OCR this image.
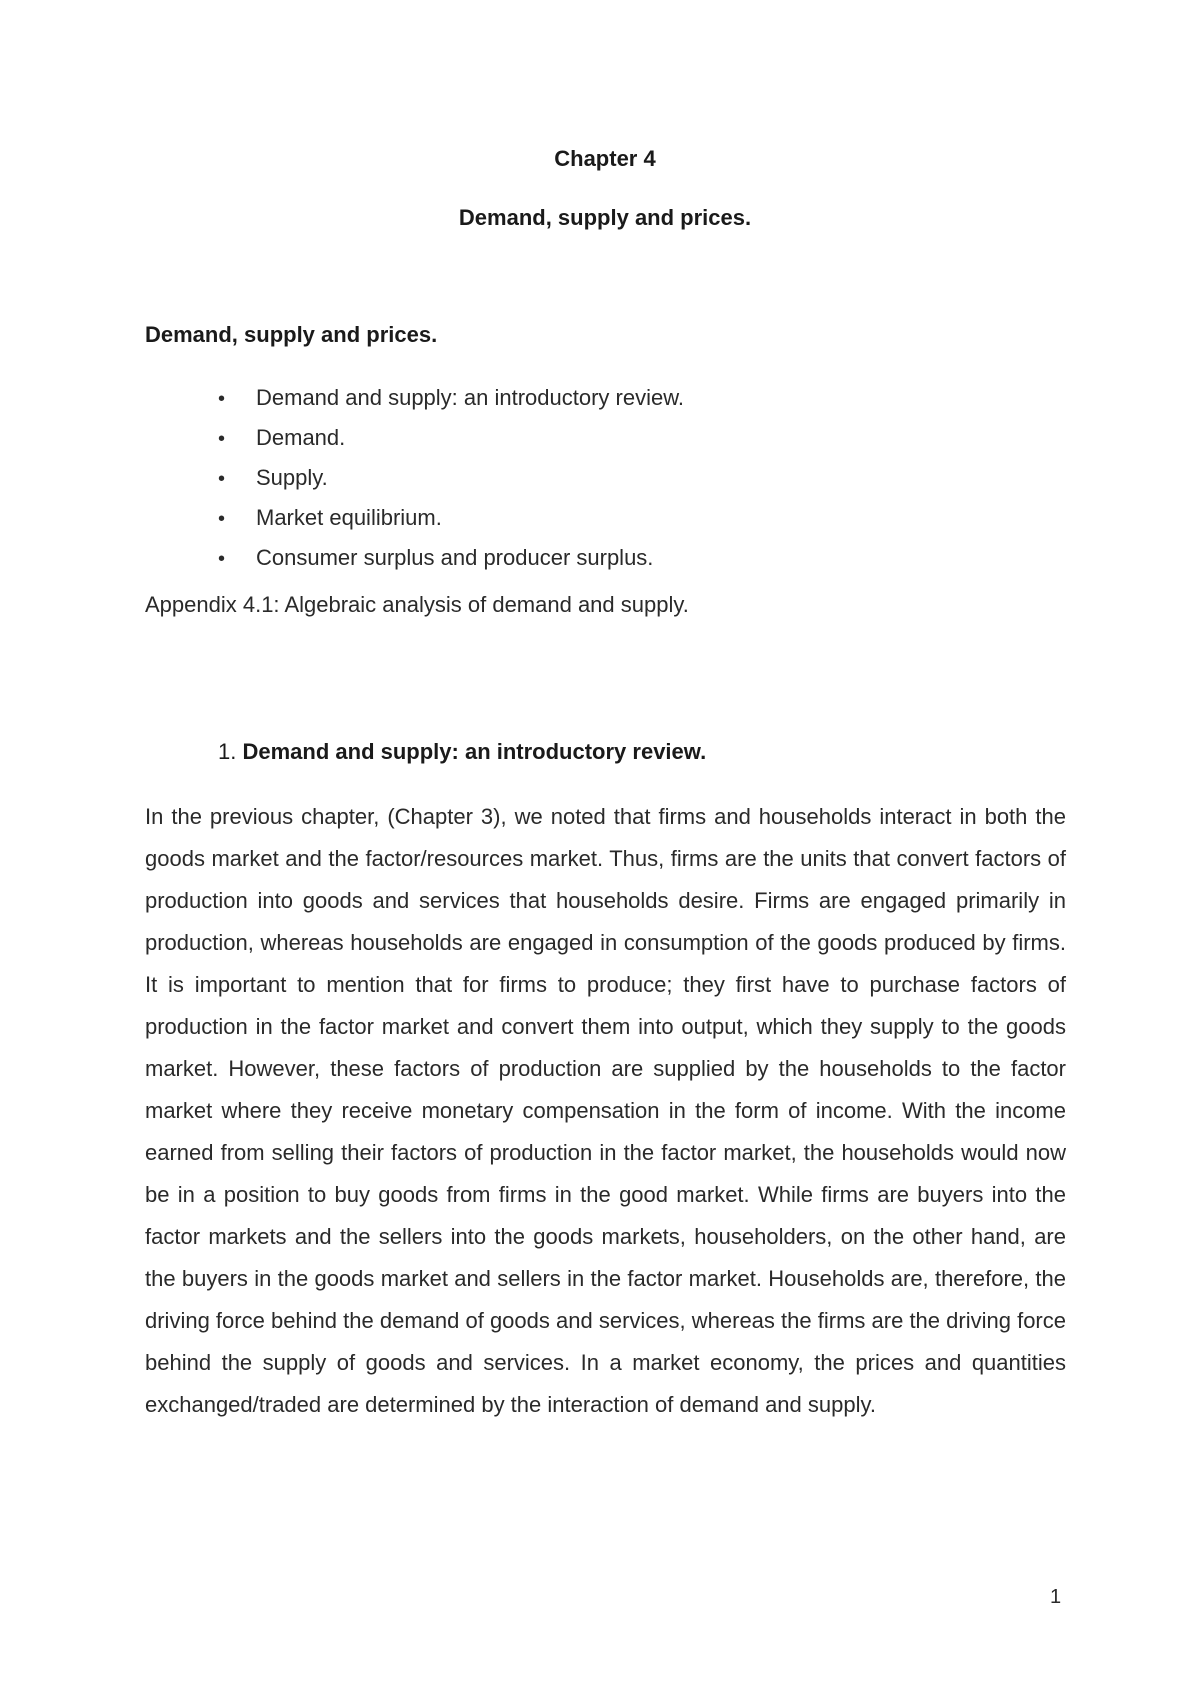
Chapter 4
Demand, supply and prices.
Demand, supply and prices.
• Demand and supply: an introductory review.
• Demand.
• Supply.
• Market equilibrium.
• Consumer surplus and producer surplus.
Appendix 4.1: Algebraic analysis of demand and supply.
1. Demand and supply: an introductory review.

In the previous chapter, (Chapter 3), we noted that firms and households interact in both the goods market and the factor/resources market. Thus, firms are the units that convert factors of production into goods and services that households desire. Firms are engaged primarily in production, whereas households are engaged in consumption of the goods produced by firms. It is important to mention that for firms to produce; they first have to purchase factors of production in the factor market and convert them into output, which they supply to the goods market. However, these factors of production are supplied by the households to the factor market where they receive monetary compensation in the form of income. With the income earned from selling their factors of production in the factor market, the households would now be in a position to buy goods from firms in the good market. While firms are buyers into the factor markets and the sellers into the goods markets, householders, on the other hand, are the buyers in the goods market and sellers in the factor market. Households are, therefore, the driving force behind the demand of goods and services, whereas the firms are the driving force behind the supply of goods and services. In a market economy, the prices and quantities exchanged/traded are determined by the interaction of demand and supply.

1
